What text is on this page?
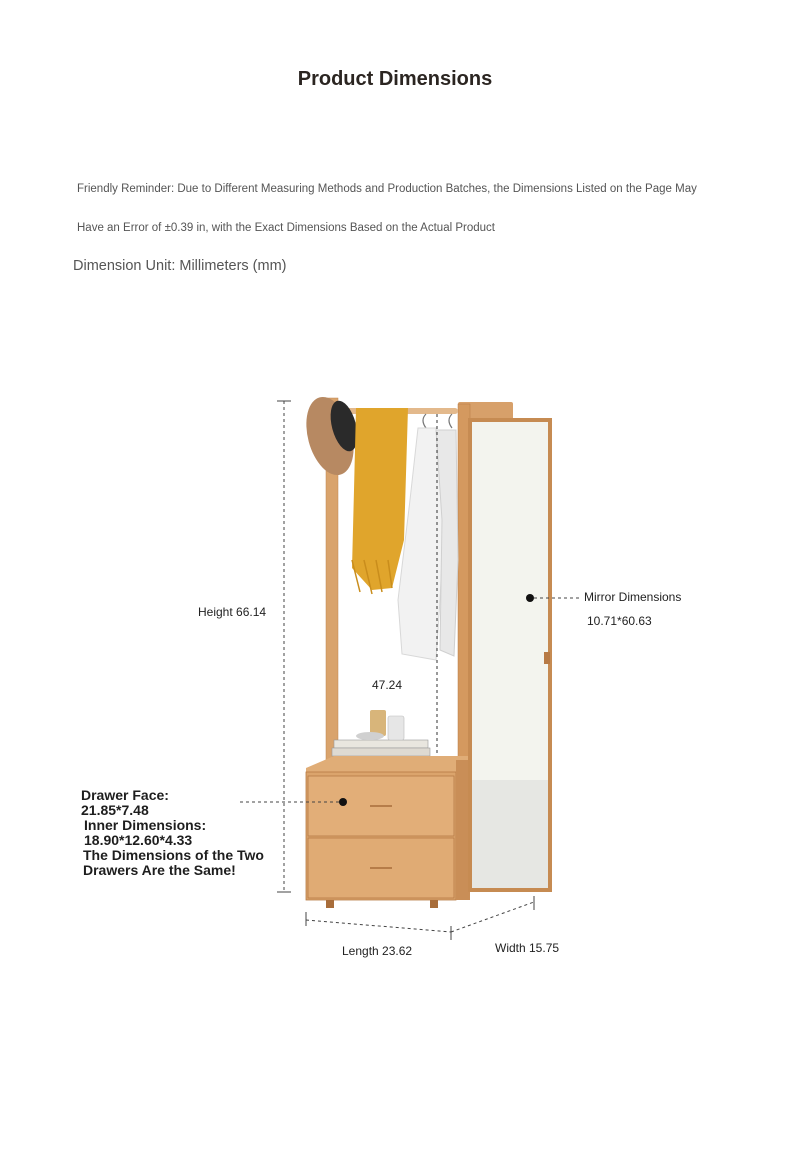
Product Dimensions
Friendly Reminder: Due to Different Measuring Methods and Production Batches, the Dimensions Listed on the Page May
Have an Error of ±0.39 in, with the Exact Dimensions Based on the Actual Product
Dimension Unit: Millimeters (mm)
Height 66.14
Mirror Dimensions
10.71*60.63
47.24
Length 23.62	Width 15.75
Drawer Face:
21.85*7.48
Inner Dimensions:
18.90*12.60*4.33
The Dimensions of the Two
Drawers Are the Same!
